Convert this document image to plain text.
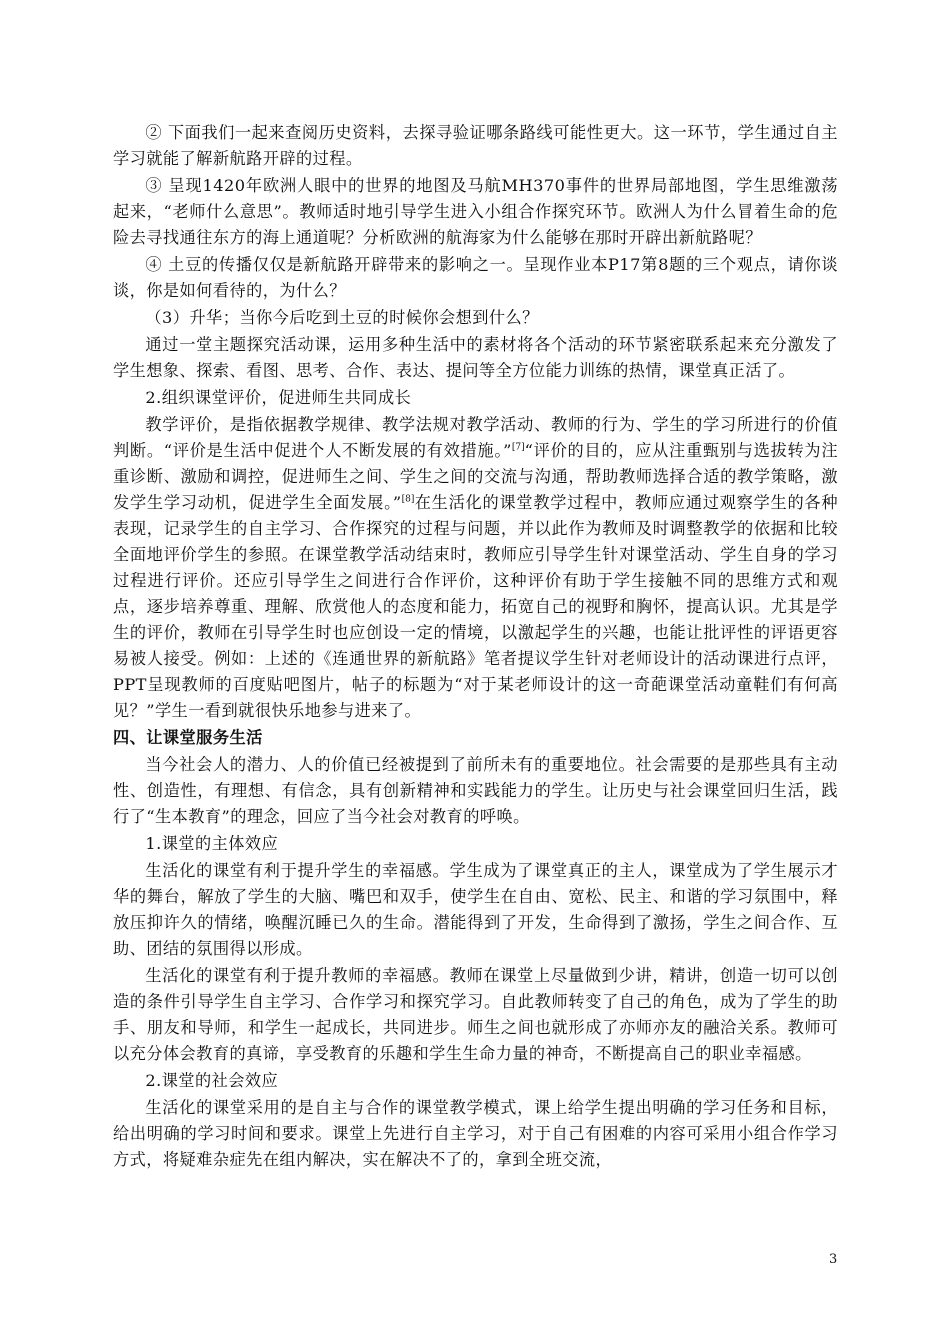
② 下面我们一起来查阅历史资料，去探寻验证哪条路线可能性更大。这一环节，学生通过自主学习就能了解新航路开辟的过程。

③ 呈现1420年欧洲人眼中的世界的地图及马航MH370事件的世界局部地图，学生思维激荡起来，“老师什么意思”。教师适时地引导学生进入小组合作探究环节。欧洲人为什么冒着生命的危险去寻找通往东方的海上通道呢？分析欧洲的航海家为什么能够在那时开辟出新航路呢？

④ 土豆的传播仅仅是新航路开辟带来的影响之一。呈现作业本P17第8题的三个观点，请你谈谈，你是如何看待的，为什么？

（3）升华；当你今后吃到土豆的时候你会想到什么？

通过一堂主题探究活动课，运用多种生活中的素材将各个活动的环节紧密联系起来充分激发了学生想象、探索、看图、思考、合作、表达、提问等全方位能力训练的热情，课堂真正活了。

2.组织课堂评价，促进师生共同成长

教学评价，是指依据教学规律、教学法规对教学活动、教师的行为、学生的学习所进行的价值判断。“评价是生活中促进个人不断发展的有效措施。”[7]“评价的目的，应从注重甄别与选拔转为注重诊断、激励和调控，促进师生之间、学生之间的交流与沟通，帮助教师选择合适的教学策略，激发学生学习动机，促进学生全面发展。”[8]在生活化的课堂教学过程中，教师应通过观察学生的各种表现，记录学生的自主学习、合作探究的过程与问题，并以此作为教师及时调整教学的依据和比较全面地评价学生的参照。在课堂教学活动结束时，教师应引导学生针对课堂活动、学生自身的学习过程进行评价。还应引导学生之间进行合作评价，这种评价有助于学生接触不同的思维方式和观点，逐步培养尊重、理解、欣赏他人的态度和能力，拓宽自己的视野和胸怀，提高认识。尤其是学生的评价，教师在引导学生时也应创设一定的情境，以激起学生的兴趣，也能让批评性的评语更容易被人接受。例如：上述的《连通世界的新航路》笔者提议学生针对老师设计的活动课进行点评，PPT呈现教师的百度贴吧图片，帖子的标题为“对于某老师设计的这一奇葩课堂活动童鞋们有何高见？”学生一看到就很快乐地参与进来了。

四、让课堂服务生活

当今社会人的潜力、人的价值已经被提到了前所未有的重要地位。社会需要的是那些具有主动性、创造性，有理想、有信念，具有创新精神和实践能力的学生。让历史与社会课堂回归生活，践行了“生本教育”的理念，回应了当今社会对教育的呼唤。

1.课堂的主体效应

生活化的课堂有利于提升学生的幸福感。学生成为了课堂真正的主人，课堂成为了学生展示才华的舞台，解放了学生的大脑、嘴巴和双手，使学生在自由、宽松、民主、和谐的学习氛围中，释放压抑许久的情绪，唤醒沉睡已久的生命。潜能得到了开发，生命得到了激扬，学生之间合作、互助、团结的氛围得以形成。

生活化的课堂有利于提升教师的幸福感。教师在课堂上尽量做到少讲，精讲，创造一切可以创造的条件引导学生自主学习、合作学习和探究学习。自此教师转变了自己的角色，成为了学生的助手、朋友和导师，和学生一起成长，共同进步。师生之间也就形成了亦师亦友的融洽关系。教师可以充分体会教育的真谛，享受教育的乐趣和学生生命力量的神奇，不断提高自己的职业幸福感。

2.课堂的社会效应

生活化的课堂采用的是自主与合作的课堂教学模式，课上给学生提出明确的学习任务和目标，给出明确的学习时间和要求。课堂上先进行自主学习，对于自己有困难的内容可采用小组合作学习方式，将疑难杂症先在组内解决，实在解决不了的，拿到全班交流，

3
